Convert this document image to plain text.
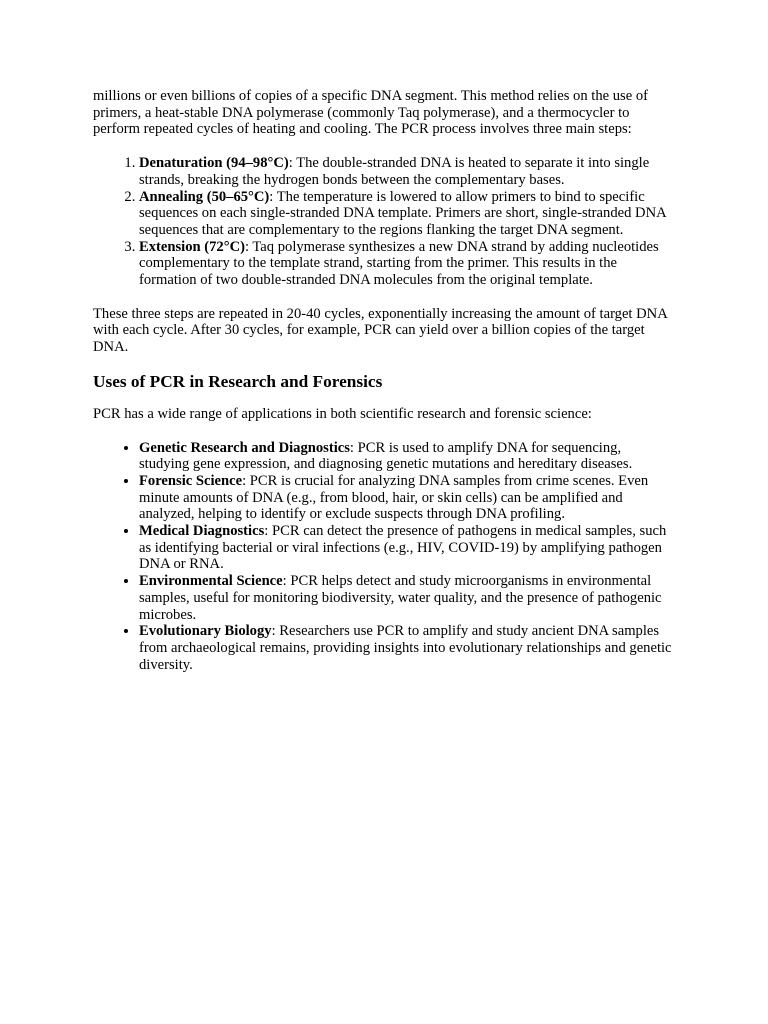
millions or even billions of copies of a specific DNA segment. This method relies on the use of primers, a heat-stable DNA polymerase (commonly Taq polymerase), and a thermocycler to perform repeated cycles of heating and cooling. The PCR process involves three main steps:

1. Denaturation (94–98°C): The double-stranded DNA is heated to separate it into single strands, breaking the hydrogen bonds between the complementary bases.
2. Annealing (50–65°C): The temperature is lowered to allow primers to bind to specific sequences on each single-stranded DNA template. Primers are short, single-stranded DNA sequences that are complementary to the regions flanking the target DNA segment.
3. Extension (72°C): Taq polymerase synthesizes a new DNA strand by adding nucleotides complementary to the template strand, starting from the primer. This results in the formation of two double-stranded DNA molecules from the original template.

These three steps are repeated in 20-40 cycles, exponentially increasing the amount of target DNA with each cycle. After 30 cycles, for example, PCR can yield over a billion copies of the target DNA.

Uses of PCR in Research and Forensics

PCR has a wide range of applications in both scientific research and forensic science:

• Genetic Research and Diagnostics: PCR is used to amplify DNA for sequencing, studying gene expression, and diagnosing genetic mutations and hereditary diseases.
• Forensic Science: PCR is crucial for analyzing DNA samples from crime scenes. Even minute amounts of DNA (e.g., from blood, hair, or skin cells) can be amplified and analyzed, helping to identify or exclude suspects through DNA profiling.
• Medical Diagnostics: PCR can detect the presence of pathogens in medical samples, such as identifying bacterial or viral infections (e.g., HIV, COVID-19) by amplifying pathogen DNA or RNA.
• Environmental Science: PCR helps detect and study microorganisms in environmental samples, useful for monitoring biodiversity, water quality, and the presence of pathogenic microbes.
• Evolutionary Biology: Researchers use PCR to amplify and study ancient DNA samples from archaeological remains, providing insights into evolutionary relationships and genetic diversity.
